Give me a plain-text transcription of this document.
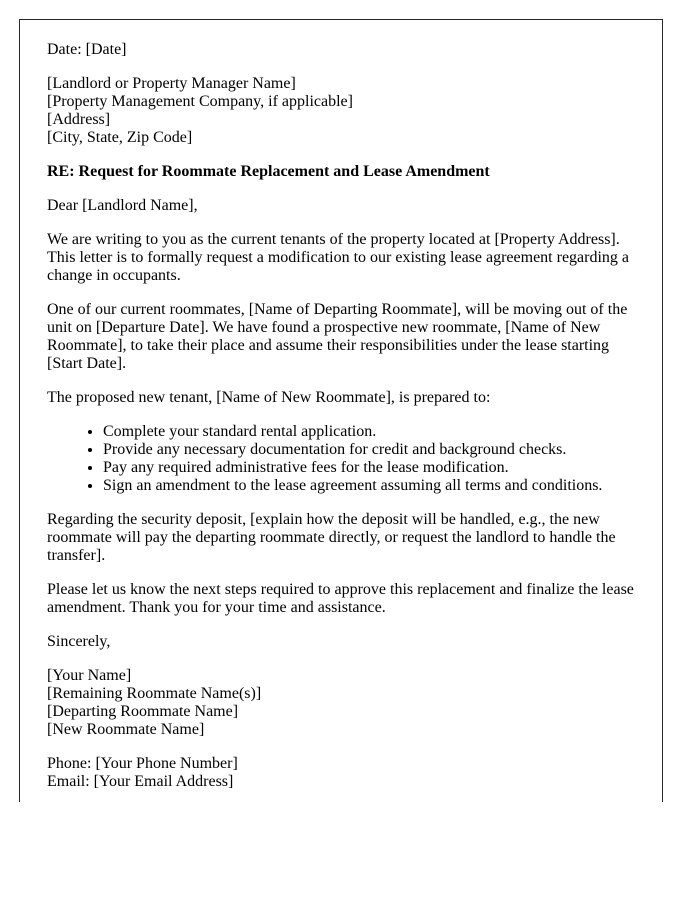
Date: [Date]

[Landlord or Property Manager Name]
[Property Management Company, if applicable]
[Address]
[City, State, Zip Code]

RE: Request for Roommate Replacement and Lease Amendment

Dear [Landlord Name],

We are writing to you as the current tenants of the property located at [Property Address]. This letter is to formally request a modification to our existing lease agreement regarding a change in occupants.

One of our current roommates, [Name of Departing Roommate], will be moving out of the unit on [Departure Date]. We have found a prospective new roommate, [Name of New Roommate], to take their place and assume their responsibilities under the lease starting [Start Date].

The proposed new tenant, [Name of New Roommate], is prepared to:

• Complete your standard rental application.
• Provide any necessary documentation for credit and background checks.
• Pay any required administrative fees for the lease modification.
• Sign an amendment to the lease agreement assuming all terms and conditions.

Regarding the security deposit, [explain how the deposit will be handled, e.g., the new roommate will pay the departing roommate directly, or request the landlord to handle the transfer].

Please let us know the next steps required to approve this replacement and finalize the lease amendment. Thank you for your time and assistance.

Sincerely,

[Your Name]
[Remaining Roommate Name(s)]
[Departing Roommate Name]
[New Roommate Name]

Phone: [Your Phone Number]
Email: [Your Email Address]
